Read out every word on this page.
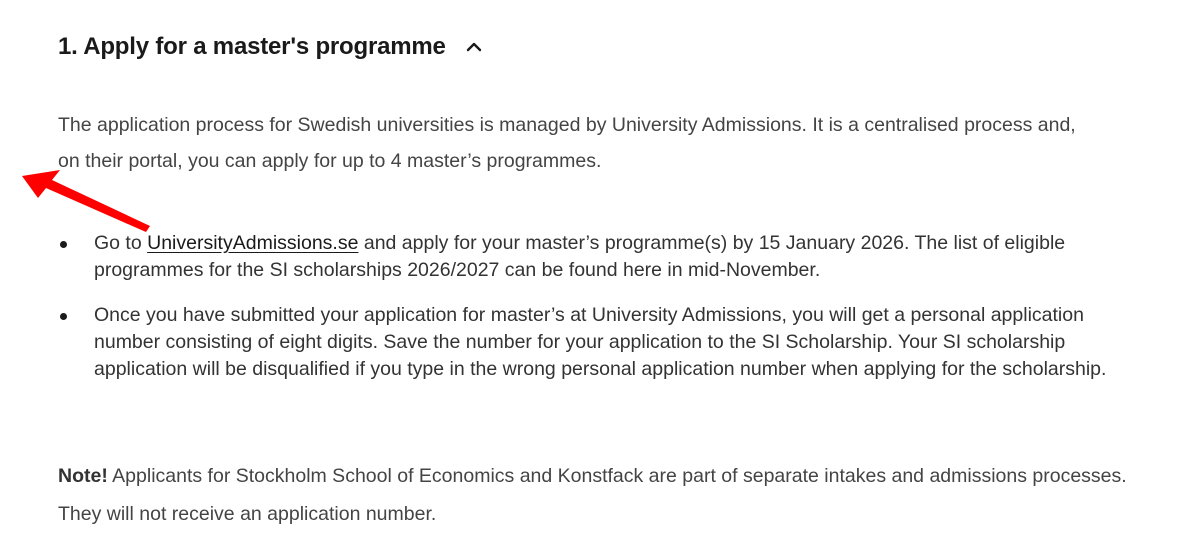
1. Apply for a master's programme

The application process for Swedish universities is managed by University Admissions. It is a centralised process and, on their portal, you can apply for up to 4 master’s programmes.

Go to UniversityAdmissions.se and apply for your master’s programme(s) by 15 January 2026. The list of eligible programmes for the SI scholarships 2026/2027 can be found here in mid-November.
Once you have submitted your application for master’s at University Admissions, you will get a personal application number consisting of eight digits. Save the number for your application to the SI Scholarship. Your SI scholarship application will be disqualified if you type in the wrong personal application number when applying for the scholarship.

Note! Applicants for Stockholm School of Economics and Konstfack are part of separate intakes and admissions processes. They will not receive an application number.
